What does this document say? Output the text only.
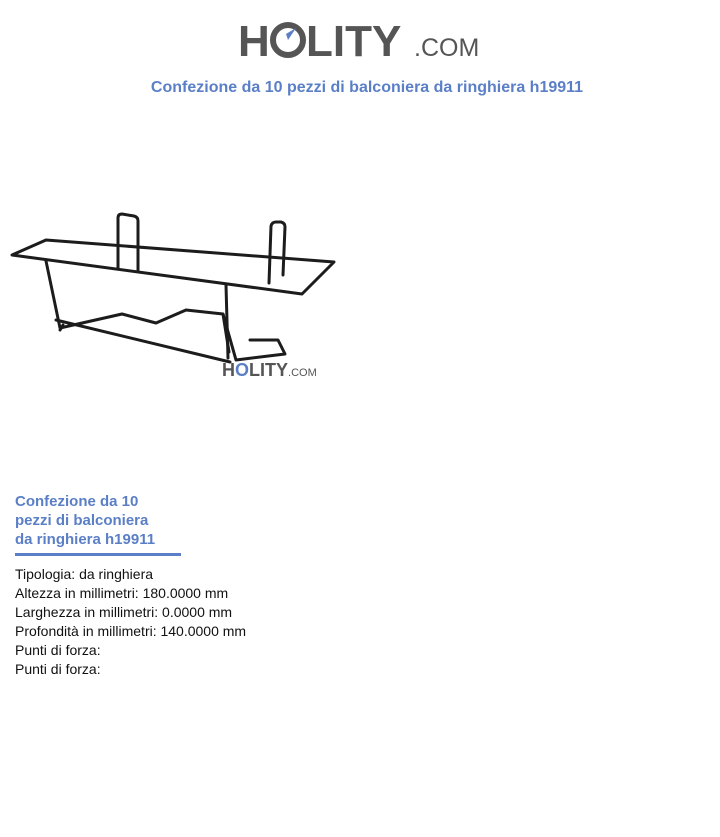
H LITY .COM
Confezione da 10 pezzi di balconiera da ringhiera h19911
HOLITY.COM
Confezione da 10
pezzi di balconiera
da ringhiera h19911
Tipologia: da ringhiera
Altezza in millimetri: 180.0000 mm
Larghezza in millimetri: 0.0000 mm
Profondità in millimetri: 140.0000 mm
Punti di forza:
Punti di forza:
